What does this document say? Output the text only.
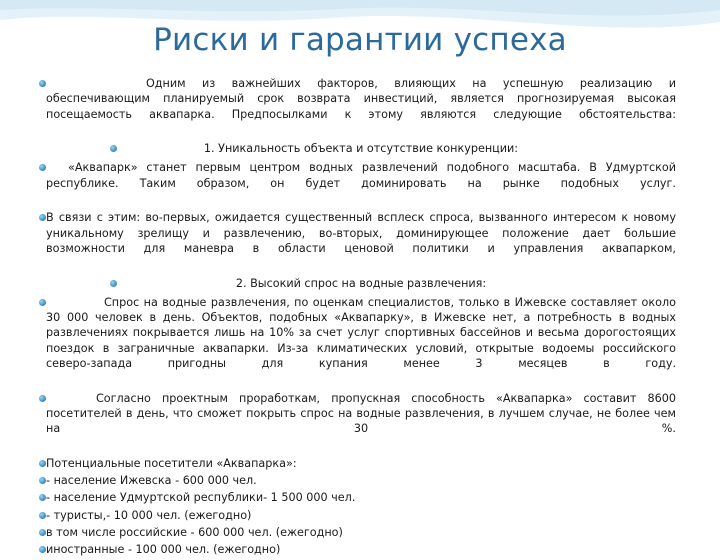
Риски и гарантии успеха
Одним из важнейших факторов, влияющих на успешную реализацию и обеспечивающим планируемый срок возврата инвестиций, является прогнозируемая высокая посещаемость аквапарка. Предпосылками к этому являются следующие обстоятельства:
1. Уникальность объекта и отсутствие конкуренции:
«Аквапарк» станет первым центром водных развлечений подобного масштаба. В Удмуртской республике. Таким образом, он будет доминировать на рынке подобных услуг.
В связи с этим: во-первых, ожидается существенный всплеск спроса, вызванного интересом к новому уникальному зрелищу и развлечению, во-вторых, доминирующее положение дает большие возможности для маневра в области ценовой политики и управления аквапарком,
2. Высокий спрос на водные развлечения:
Спрос на водные развлечения, по оценкам специалистов, только в Ижевске составляет около 30 000 человек в день. Объектов, подобных «Аквапарку», в Ижевске нет, а потребность в водных развлечениях покрывается лишь на 10% за счет услуг спортивных бассейнов и весьма дорогостоящих поездок в заграничные аквапарки. Из-за климатических условий, открытые водоемы российского северо-запада пригодны для купания менее 3 месяцев в году.
Согласно проектным проработкам, пропускная способность «Аквапарка» составит 8600 посетителей в день, что сможет покрыть спрос на водные развлечения, в лучшем случае, не более чем на 30 %.
Потенциальные посетители «Аквапарка»:
- население Ижевска - 600 000 чел.
- население Удмуртской республики- 1 500 000 чел.
- туристы,- 10 000 чел. (ежегодно)
в том числе российские - 600 000 чел. (ежегодно)
иностранные - 100 000 чел. (ежегодно)
